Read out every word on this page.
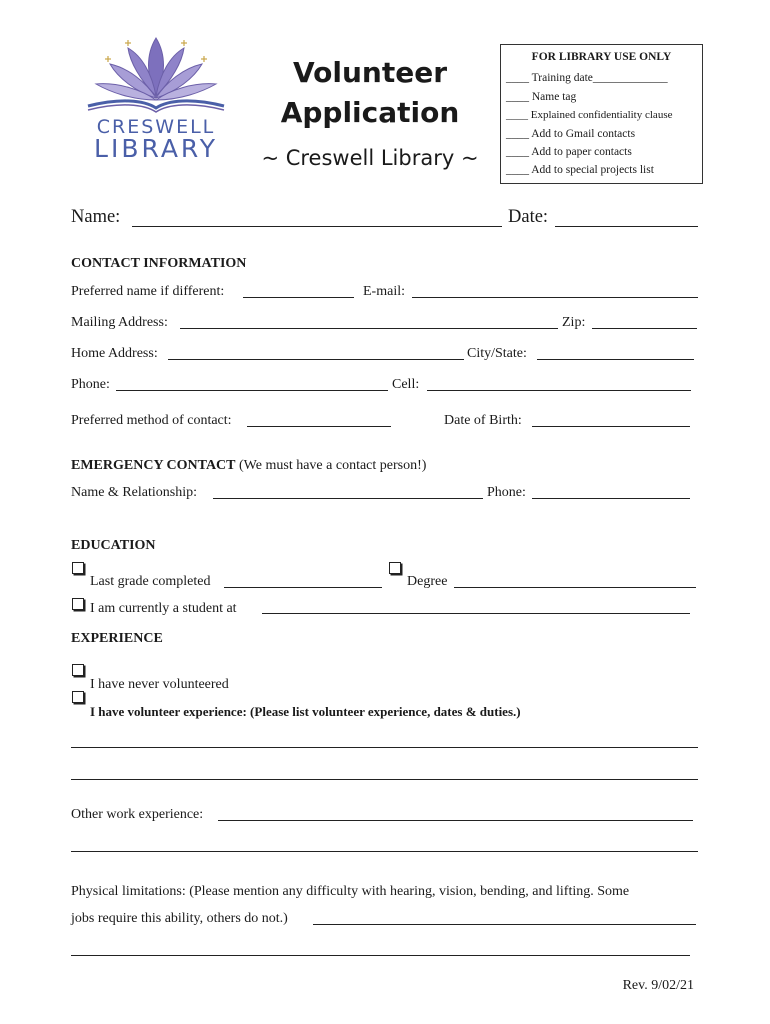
CRESWELL
LIBRARY
Volunteer
Application
~ Creswell Library ~
FOR LIBRARY USE ONLY
____ Training date_____________
____ Name tag
____ Explained confidentiality clause
____ Add to Gmail contacts
____ Add to paper contacts
____ Add to special projects list
Name:	Date:
CONTACT INFORMATION
Preferred name if different:	E-mail:
Mailing Address:	Zip:
Home Address:	City/State:
Phone:	Cell:
Preferred method of contact:	Date of Birth:
EMERGENCY CONTACT (We must have a contact person!)
Name & Relationship:	Phone:
EDUCATION
Last grade completed	Degree
I am currently a student at
EXPERIENCE
I have never volunteered
I have volunteer experience: (Please list volunteer experience, dates & duties.)
Other work experience:
Physical limitations: (Please mention any difficulty with hearing, vision, bending, and lifting. Some
jobs require this ability, others do not.)
Rev. 9/02/21
